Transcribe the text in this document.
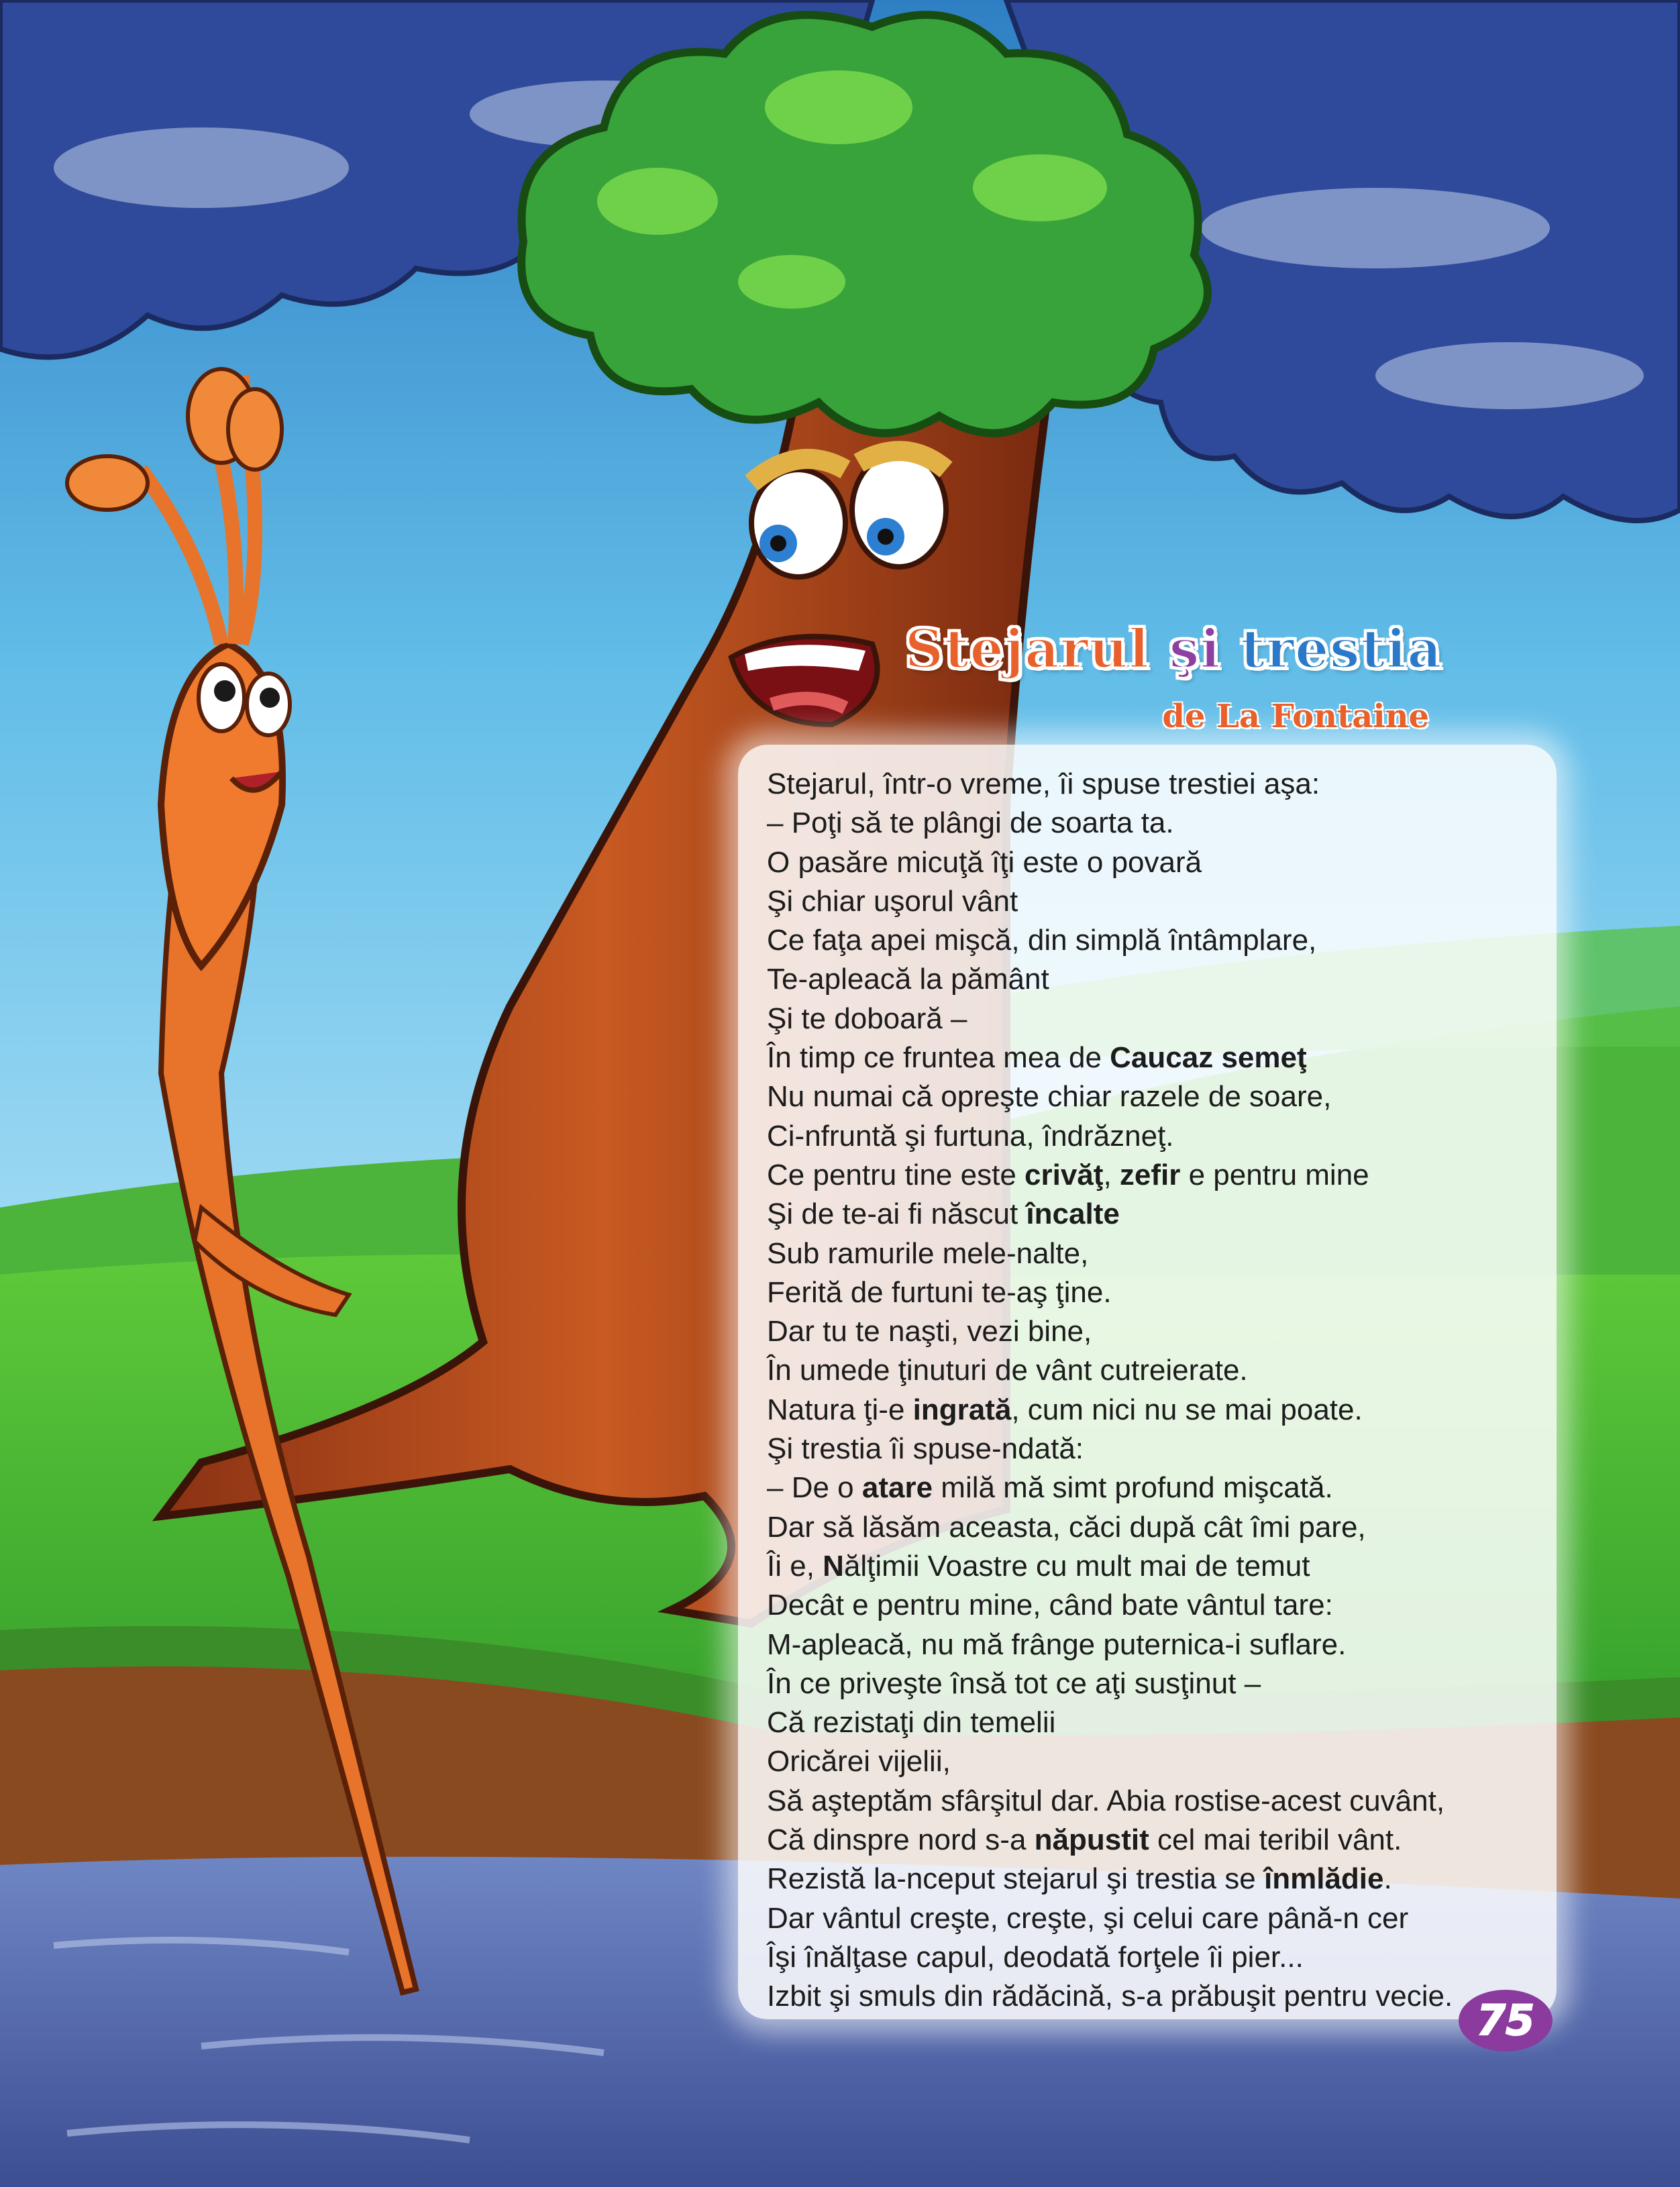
Stejarul şi trestia
de La Fontaine
Stejarul, într-o vreme, îi spuse trestiei aşa:
– Poţi să te plângi de soarta ta.
O pasăre micuţă îţi este o povară
Şi chiar uşorul vânt
Ce faţa apei mişcă, din simplă întâmplare,
Te-apleacă la pământ
Şi te doboară –
În timp ce fruntea mea de Caucaz semeţ
Nu numai că opreşte chiar razele de soare,
Ci-nfruntă şi furtuna, îndrăzneţ.
Ce pentru tine este crivăţ, zefir e pentru mine
Şi de te-ai fi născut încalte
Sub ramurile mele-nalte,
Ferită de furtuni te-aş ţine.
Dar tu te naşti, vezi bine,
În umede ţinuturi de vânt cutreierate.
Natura ţi-e ingrată, cum nici nu se mai poate.
Şi trestia îi spuse-ndată:
– De o atare milă mă simt profund mişcată.
Dar să lăsăm aceasta, căci după cât îmi pare,
Îi e, Nălţimii Voastre cu mult mai de temut
Decât e pentru mine, când bate vântul tare:
M-apleacă, nu mă frânge puternica-i suflare.
În ce priveşte însă tot ce aţi susţinut –
Că rezistaţi din temelii
Oricărei vijelii,
Să aşteptăm sfârşitul dar. Abia rostise-acest cuvânt,
Că dinspre nord s-a năpustit cel mai teribil vânt.
Rezistă la-nceput stejarul şi trestia se înmlădie.
Dar vântul creşte, creşte, şi celui care până-n cer
Îşi înălţase capul, deodată forţele îi pier...
Izbit şi smuls din rădăcină, s-a prăbuşit pentru vecie. 75
